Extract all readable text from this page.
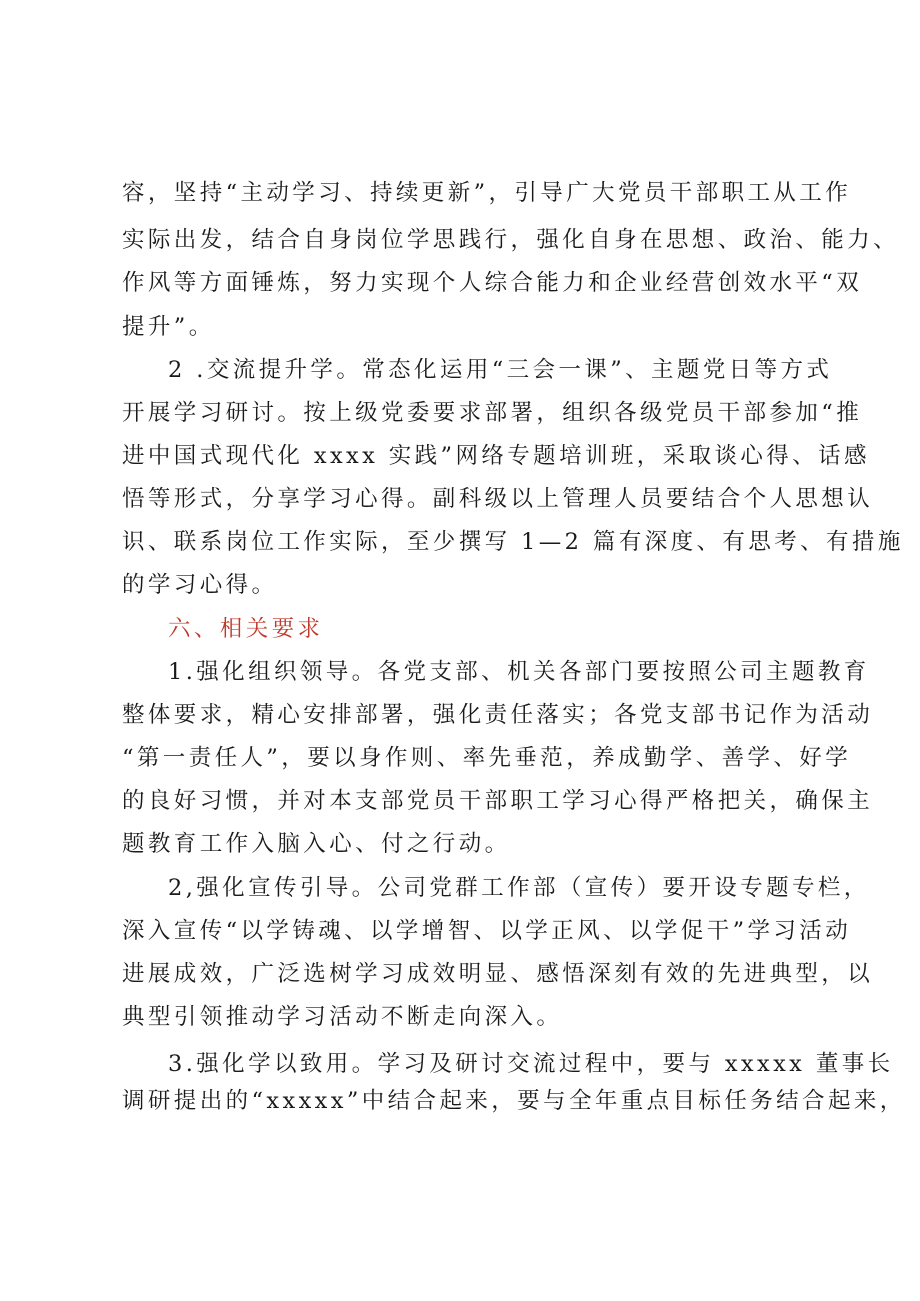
容，坚持“主动学习、持续更新”，引导广大党员干部职工从工作
实际出发，结合自身岗位学思践行，强化自身在思想、政治、能力、
作风等方面锤炼，努力实现个人综合能力和企业经营创效水平“双
提升”。
2 .交流提升学。常态化运用“三会一课”、主题党日等方式
开展学习研讨。按上级党委要求部署，组织各级党员干部参加“推
进中国式现代化 xxxx 实践”网络专题培训班，采取谈心得、话感
悟等形式，分享学习心得。副科级以上管理人员要结合个人思想认
识、联系岗位工作实际，至少撰写 1—2 篇有深度、有思考、有措施
的学习心得。
六、相关要求
1.强化组织领导。各党支部、机关各部门要按照公司主题教育
整体要求，精心安排部署，强化责任落实；各党支部书记作为活动
“第一责任人”，要以身作则、率先垂范，养成勤学、善学、好学
的良好习惯，并对本支部党员干部职工学习心得严格把关，确保主
题教育工作入脑入心、付之行动。
2,强化宣传引导。公司党群工作部（宣传）要开设专题专栏，
深入宣传“以学铸魂、以学增智、以学正风、以学促干”学习活动
进展成效，广泛选树学习成效明显、感悟深刻有效的先进典型，以
典型引领推动学习活动不断走向深入。
3.强化学以致用。学习及研讨交流过程中，要与 xxxxx 董事长
调研提出的“xxxxx”中结合起来，要与全年重点目标任务结合起来，
